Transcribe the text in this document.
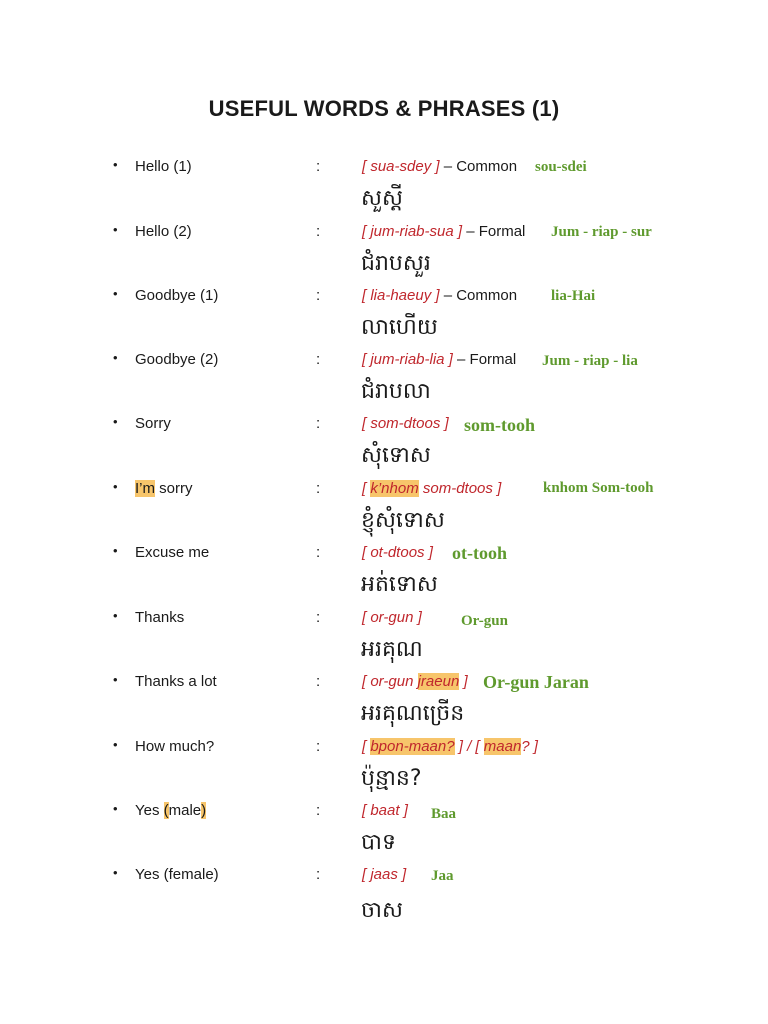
USEFUL WORDS & PHRASES (1)
• Hello (1)	:	[ sua-sdey ] – Common sou-sdei
សួស្តី
• Hello (2)	:	[ jum-riab-sua ] – Formal Jum - riap - sur
ជំរាបសួរ
• Goodbye (1)	:	[ lia-haeuy ] – Common lia-Hai
លាហើយ
• Goodbye (2)	:	[ jum-riab-lia ] – Formal Jum - riap - lia
ជំរាបលា
• Sorry	:	[ som-dtoos ] som-tooh
សុំទោស
• I’m sorry	:	[ k’nhom som-dtoos ]	knhom Som-tooh
ខ្ញុំសុំទោស
• Excuse me	:	[ ot-dtoos ] ot-tooh
អត់ទោស
• Thanks	:	[ or-gun ]	Or-gun
អរគុណ
• Thanks a lot	:	[ or-gun jraeun ] Or-gun Jaran
អរគុណច្រើន
• How much?	:	[ bpon-maan? ] / [ maan? ]
ប៉ុន្មាន?
• Yes (male)	:	[ baat ] Baa
បាទ
• Yes (female)	:	[ jaas ] Jaa
ចាស
